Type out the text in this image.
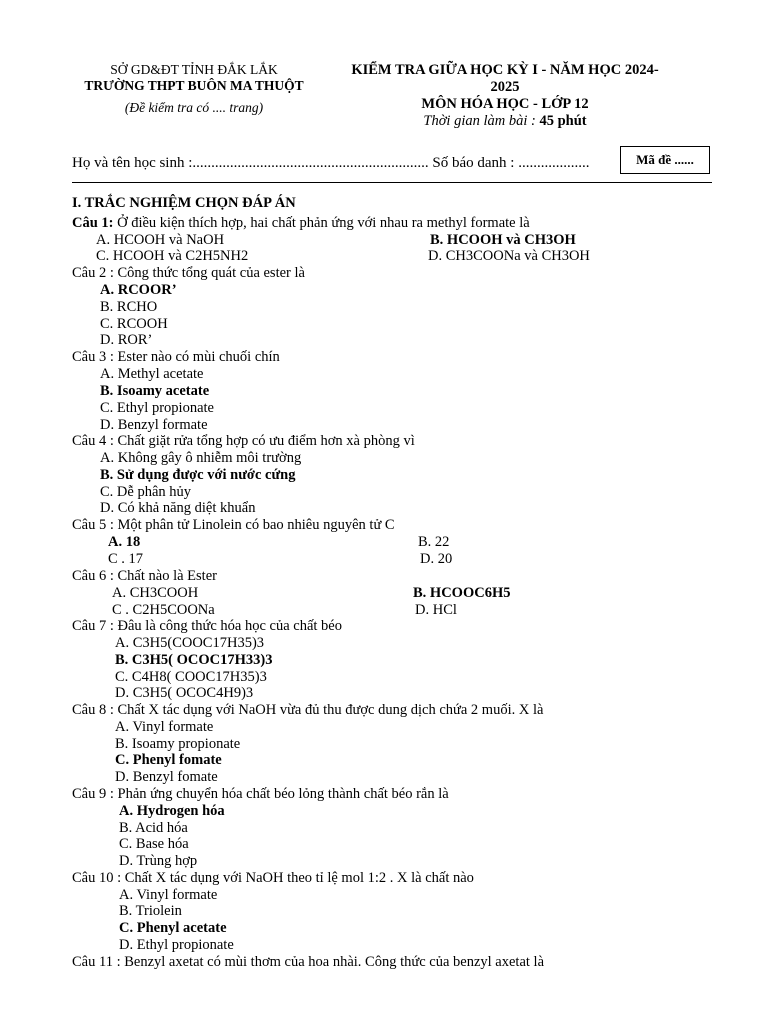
SỞ GD&ĐT TỈNH ĐẮK LẮK
TRƯỜNG THPT BUÔN MA THUỘT
(Đề kiểm tra có .... trang)
KIỂM TRA GIỮA HỌC KỲ I - NĂM HỌC 2024-
2025
MÔN HÓA HỌC - LỚP 12
Thời gian làm bài : 45 phút
Họ và tên học sinh :............................................................... Số báo danh : ...................	Mã đề ......
I. TRẮC NGHIỆM CHỌN ĐÁP ÁN
Câu 1: Ở điều kiện thích hợp, hai chất phản ứng với nhau ra methyl formate là
A. HCOOH và NaOH	B. HCOOH và CH3OH
C. HCOOH và C2H5NH2	D. CH3COONa và CH3OH
Câu 2 : Công thức tổng quát của ester là
A. RCOOR’
B. RCHO
C. RCOOH
D. ROR’
Câu 3 : Ester nào có mùi chuối chín
A. Methyl acetate
B. Isoamy acetate
C. Ethyl propionate
D. Benzyl formate
Câu 4 : Chất giặt rửa tổng hợp có ưu điểm hơn xà phòng vì
A. Không gây ô nhiễm môi trường
B. Sử dụng được với nước cứng
C. Dễ phân hủy
D. Có khả năng diệt khuẩn
Câu 5 : Một phân tử Linolein có bao nhiêu nguyên tử C
A. 18	B. 22
C . 17	D. 20
Câu 6 : Chất nào là Ester
A. CH3COOH	B. HCOOC6H5
C . C2H5COONa	D. HCl
Câu 7 : Đâu là công thức hóa học của chất béo
A. C3H5(COOC17H35)3
B. C3H5( OCOC17H33)3
C. C4H8( COOC17H35)3
D. C3H5( OCOC4H9)3
Câu 8 : Chất X tác dụng với NaOH vừa đủ thu được dung dịch chứa 2 muối. X là
A. Vinyl formate
B. Isoamy propionate
C. Phenyl fomate
D. Benzyl fomate
Câu 9 : Phản ứng chuyển hóa chất béo lỏng thành chất béo rắn là
A. Hydrogen hóa
B. Acid hóa
C. Base hóa
D. Trùng hợp
Câu 10 : Chất X tác dụng với NaOH theo tỉ lệ mol 1:2 . X là chất nào
A. Vinyl formate
B. Triolein
C. Phenyl acetate
D. Ethyl propionate
Câu 11 : Benzyl axetat có mùi thơm của hoa nhài. Công thức của benzyl axetat là
